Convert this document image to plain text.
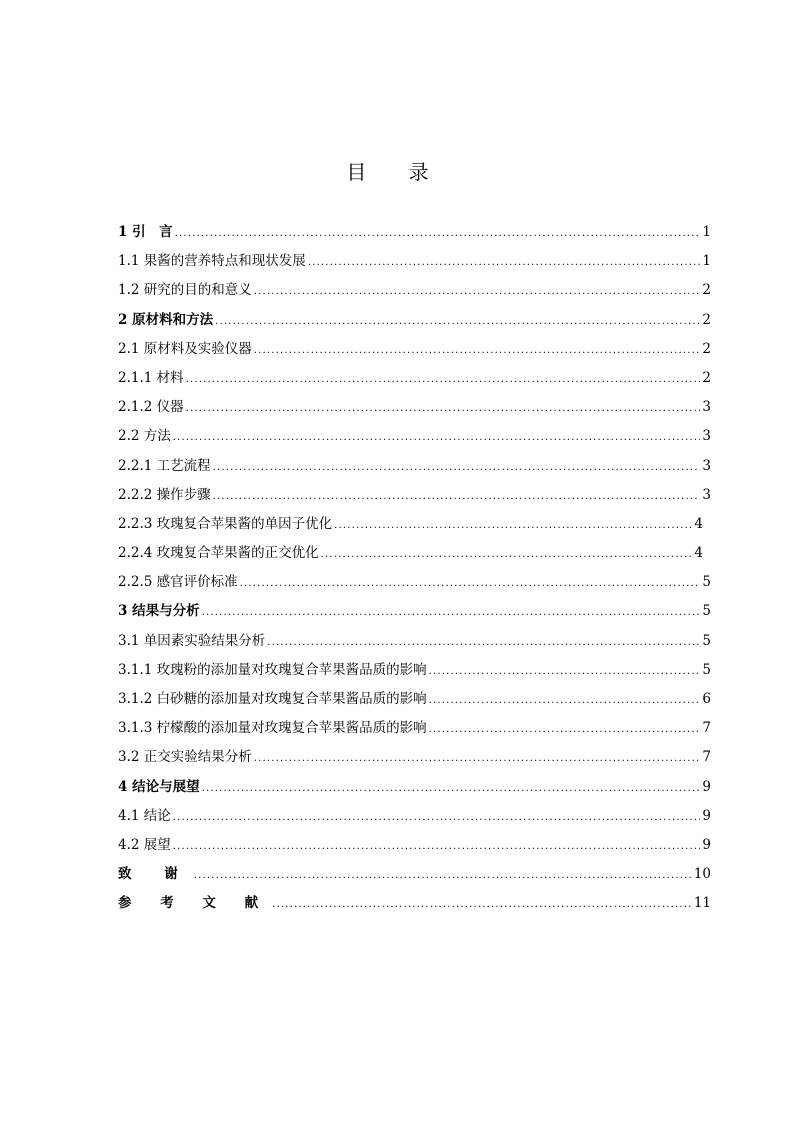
目 录
1 引　言 .....	1
1.1 果酱的营养特点和现状发展 .....	1
1.2 研究的目的和意义 .....	2
2 原材料和方法 .....	2
2.1 原材料及实验仪器 .....	2
2.1.1 材料 .....	2
2.1.2 仪器 .....	3
2.2 方法 .....	3
2.2.1 工艺流程 .....	3
2.2.2 操作步骤 .....	3
2.2.3 玫瑰复合苹果酱的单因子优化 .....	4
2.2.4 玫瑰复合苹果酱的正交优化 .....	4
2.2.5 感官评价标准 .....	5
3 结果与分析 .....	5
3.1 单因素实验结果分析 .....	5
3.1.1 玫瑰粉的添加量对玫瑰复合苹果酱品质的影响 .....	5
3.1.2 白砂糖的添加量对玫瑰复合苹果酱品质的影响 .....	6
3.1.3 柠檬酸的添加量对玫瑰复合苹果酱品质的影响 .....	7
3.2 正交实验结果分析 .....	7
4 结论与展望 .....	9
4.1 结论 .....	9
4.2 展望 .....	9
致 谢 .....	10
参 考 文 献 .....	11
